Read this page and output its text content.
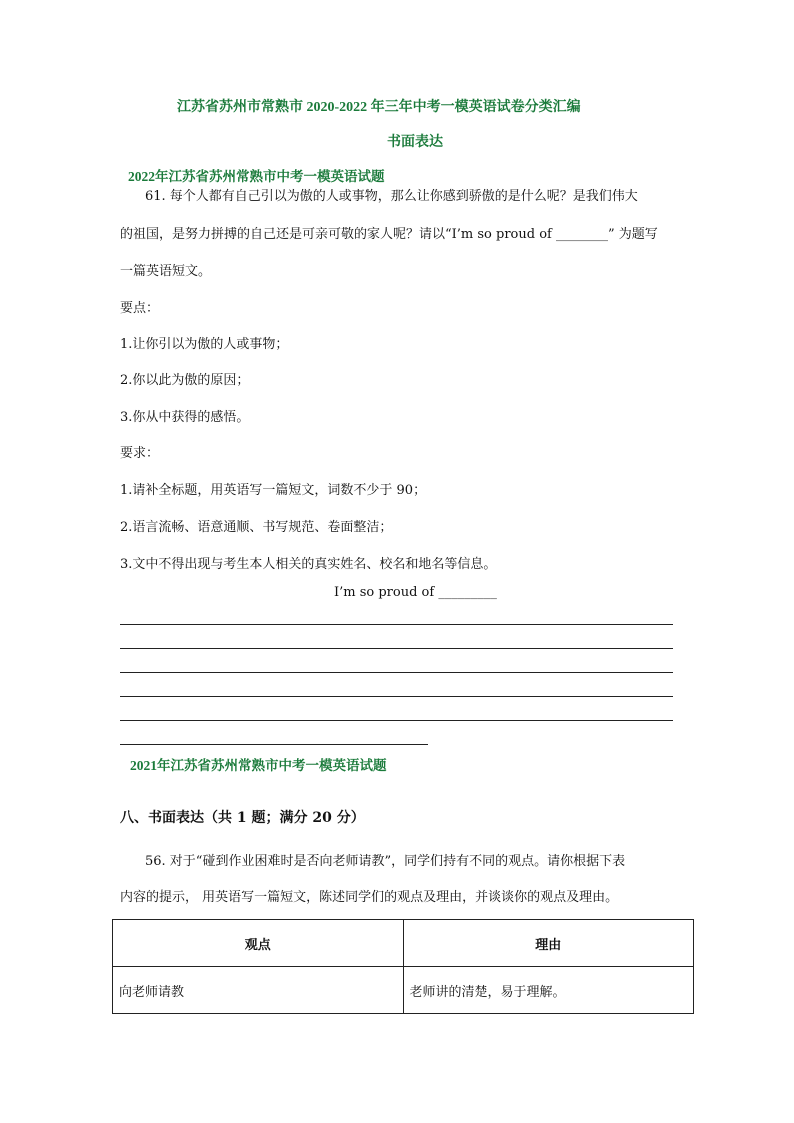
江苏省苏州市常熟市 2020-2022 年三年中考一模英语试卷分类汇编
书面表达
2022年江苏省苏州常熟市中考一模英语试题
61. 每个人都有自己引以为傲的人或事物，那么让你感到骄傲的是什么呢？是我们伟大
的祖国，是努力拼搏的自己还是可亲可敬的家人呢？请以“I’m so proud of ________” 为题写
一篇英语短文。
要点：
1.让你引以为傲的人或事物；
2.你以此为傲的原因；
3.你从中获得的感悟。
要求：
1.请补全标题，用英语写一篇短文，词数不少于 90；
2.语言流畅、语意通顺、书写规范、卷面整洁；
3.文中不得出现与考生本人相关的真实姓名、校名和地名等信息。
I’m so proud of _________
2021年江苏省苏州常熟市中考一模英语试题
八、书面表达（共 1 题；满分 20 分）
56. 对于“碰到作业困难时是否向老师请教”，同学们持有不同的观点。请你根据下表
内容的提示， 用英语写一篇短文，陈述同学们的观点及理由，并谈谈你的观点及理由。
观点	理由
向老师请教	老师讲的清楚，易于理解。
